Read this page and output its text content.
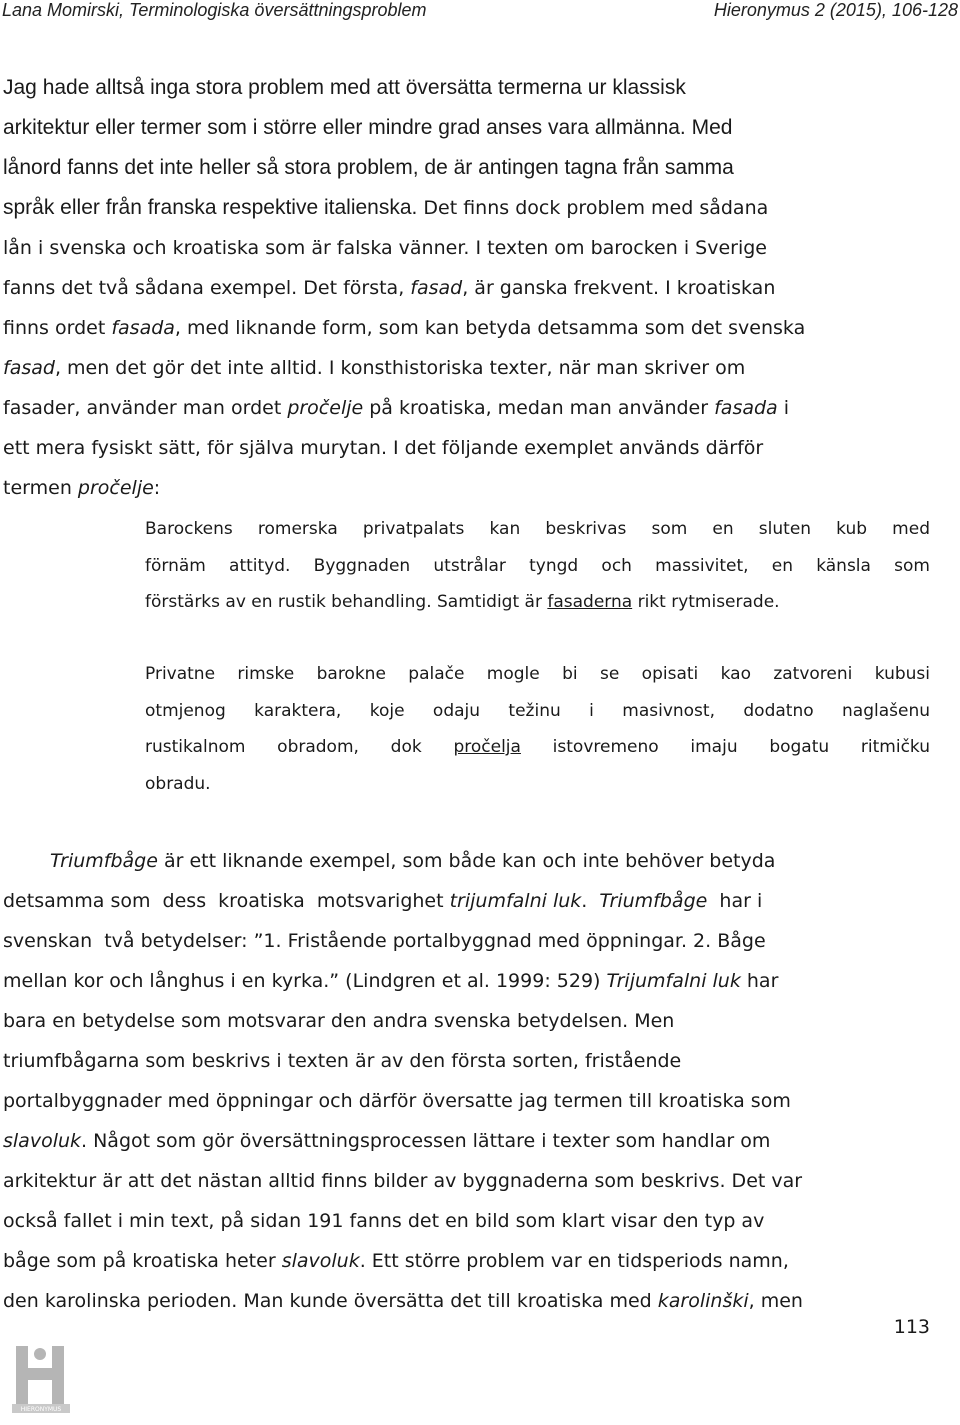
Lana Momirski, Terminologiska översättningsproblem	Hieronymus 2 (2015), 106-128
Jag hade alltså inga stora problem med att översätta termerna ur klassisk
arkitektur eller termer som i större eller mindre grad anses vara allmänna. Med
lånord fanns det inte heller så stora problem, de är antingen tagna från samma
språk eller från franska respektive italienska. Det finns dock problem med sådana
lån i svenska och kroatiska som är falska vänner. I texten om barocken i Sverige
fanns det två sådana exempel. Det första, fasad, är ganska frekvent. I kroatiskan
finns ordet fasada, med liknande form, som kan betyda detsamma som det svenska
fasad, men det gör det inte alltid. I konsthistoriska texter, när man skriver om
fasader, använder man ordet pročelje på kroatiska, medan man använder fasada i
ett mera fysiskt sätt, för själva murytan. I det följande exemplet används därför
termen pročelje:
Barockens romerska privatpalats kan beskrivas som en sluten kub med
förnäm attityd. Byggnaden utstrålar tyngd och massivitet, en känsla som
förstärks av en rustik behandling. Samtidigt är fasaderna rikt rytmiserade.
Privatne rimske barokne palače mogle bi se opisati kao zatvoreni kubusi
otmjenog karaktera, koje odaju težinu i masivnost, dodatno naglašenu
rustikalnom obradom, dok pročelja istovremeno imaju bogatu ritmičku
obradu.
Triumfbåge är ett liknande exempel, som både kan och inte behöver betyda
detsamma som  dess  kroatiska  motsvarighet trijumfalni luk.  Triumfbåge  har i
svenskan  två betydelser: ”1. Fristående portalbyggnad med öppningar. 2. Båge
mellan kor och långhus i en kyrka.” (Lindgren et al. 1999: 529) Trijumfalni luk har
bara en betydelse som motsvarar den andra svenska betydelsen. Men
triumfbågarna som beskrivs i texten är av den första sorten, fristående
portalbyggnader med öppningar och därför översatte jag termen till kroatiska som
slavoluk. Något som gör översättningsprocessen lättare i texter som handlar om
arkitektur är att det nästan alltid finns bilder av byggnaderna som beskrivs. Det var
också fallet i min text, på sidan 191 fanns det en bild som klart visar den typ av
båge som på kroatiska heter slavoluk. Ett större problem var en tidsperiods namn,
den karolinska perioden. Man kunde översätta det till kroatiska med karolinški, men
113
HIERONYMUS
